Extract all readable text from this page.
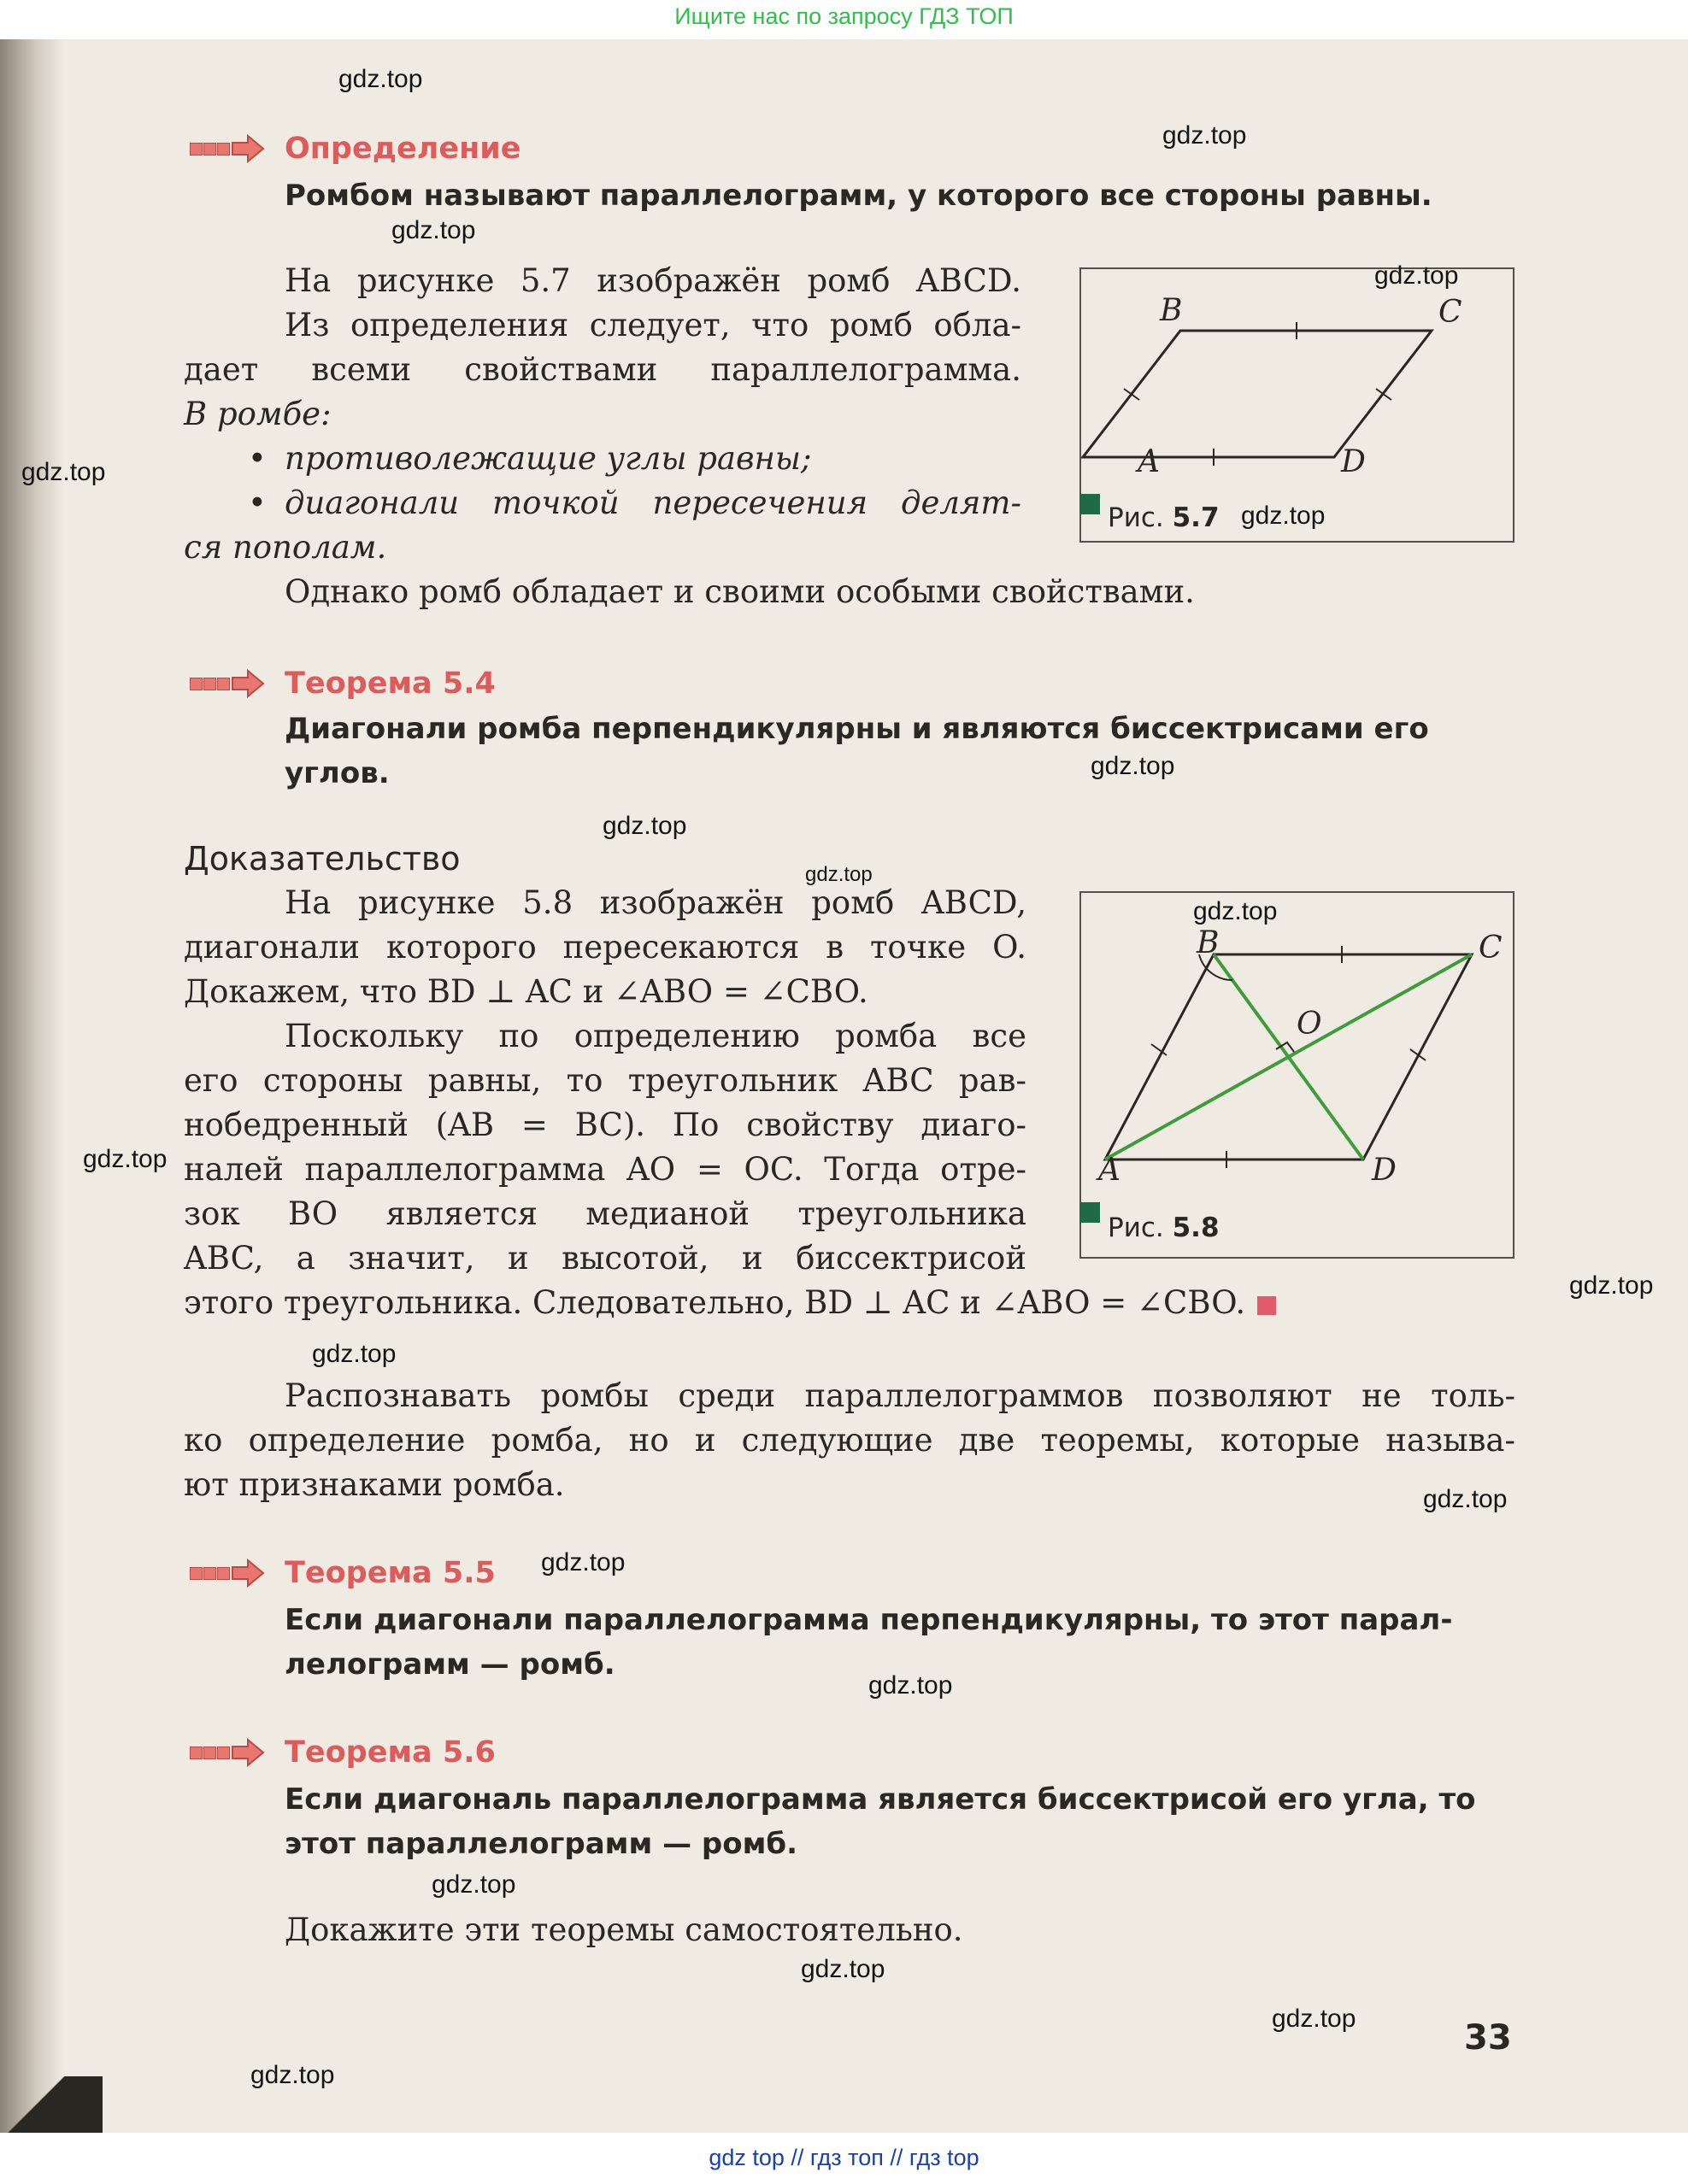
Ищите нас по запросу ГДЗ ТОП
Определение
Ромбом называют параллелограмм, у которого все стороны равны.
На рисунке 5.7 изображён ромб ABCD.
Из определения следует, что ромб обла-
дает всеми свойствами параллелограмма.
В ромбе:
• противолежащие углы равны;
• диагонали точкой пересечения делят-
ся пополам.
Однако ромб обладает и своими особыми свойствами.
B	C
A	D
Рис. 5.7
Теорема 5.4
Диагонали ромба перпендикулярны и являются биссектрисами его углов.
Доказательство
На рисунке 5.8 изображён ромб ABCD,
диагонали которого пересекаются в точке O.
Докажем, что BD ⊥ AC и ∠ABO = ∠CBO.
Поскольку по определению ромба все
его стороны равны, то треугольник ABC рав-
нобедренный (AB = BC). По свойству диаго-
налей параллелограмма AO = OC. Тогда отре-
зок BO является медианой треугольника
ABC, а значит, и высотой, и биссектрисой
этого треугольника. Следовательно, BD ⊥ AC и ∠ABO = ∠CBO.
B	C
O
A	D
Рис. 5.8
Распознавать ромбы среди параллелограммов позволяют не толь-
ко определение ромба, но и следующие две теоремы, которые называ-
ют признаками ромба.
Теорема 5.5
Если диагонали параллелограмма перпендикулярны, то этот парал-лелограмм — ромб.
Теорема 5.6
Если диагональ параллелограмма является биссектрисой его угла, то этот параллелограмм — ромб.
Докажите эти теоремы самостоятельно.
33
gdz.top
gdz.top
gdz.top
gdz.top
gdz.top
gdz.top
gdz.top
gdz.top
gdz.top
gdz.top
gdz.top
gdz.top
gdz.top
gdz.top
gdz.top
gdz.top
gdz.top
gdz.top
gdz.top
gdz.top
gdz top // гдз топ // гдз top
